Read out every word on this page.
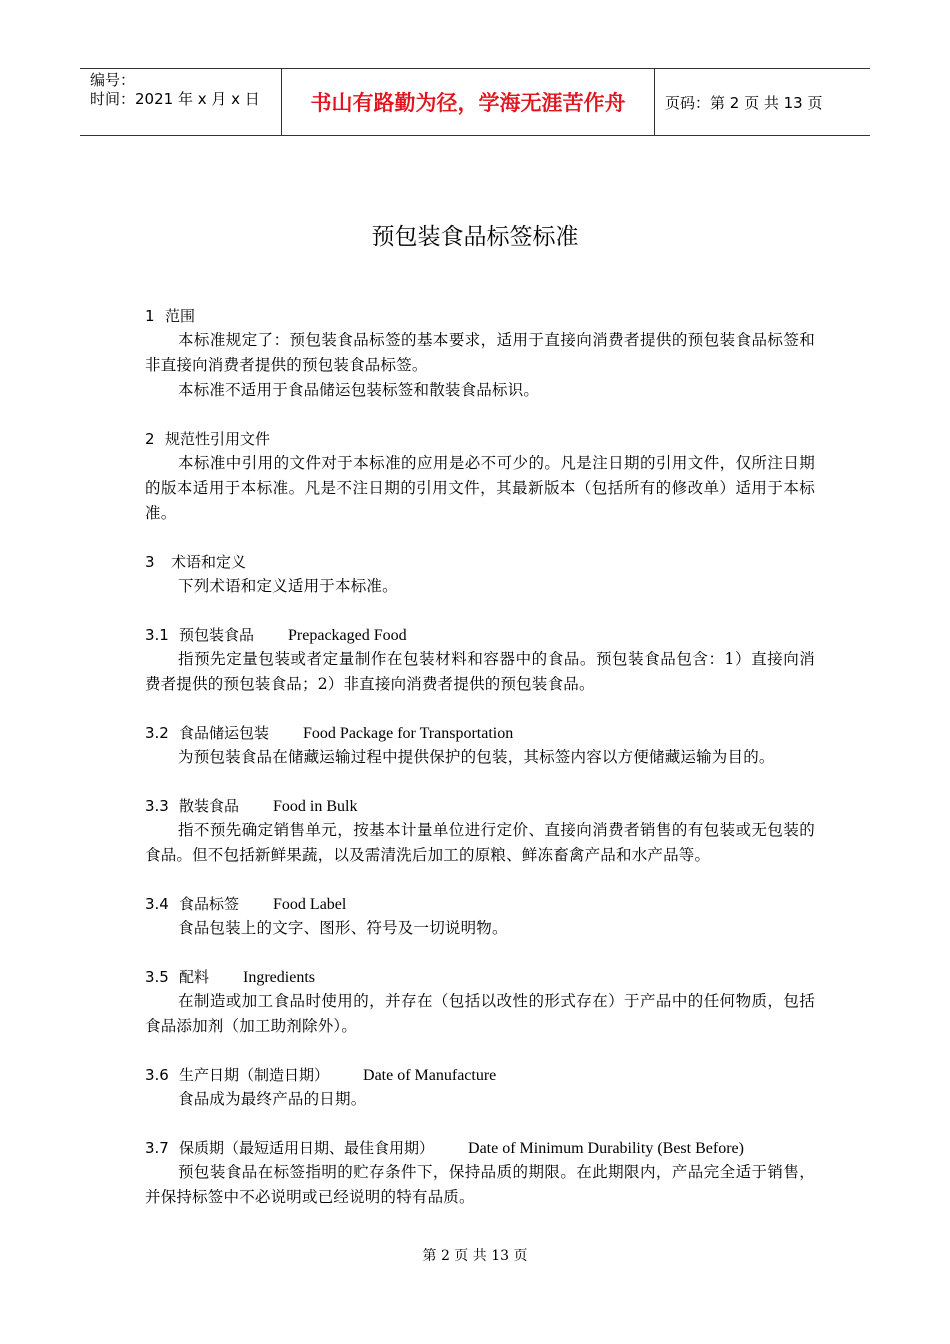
编号：
时间：2021 年 x 月 x 日	书山有路勤为径，学海无涯苦作舟	页码：第 2 页 共 13 页
预包装食品标签标准
1 范围
本标准规定了：预包装食品标签的基本要求，适用于直接向消费者提供的预包装食品标签和非直接向消费者提供的预包装食品标签。
本标准不适用于食品储运包装标签和散装食品标识。
2 规范性引用文件
本标准中引用的文件对于本标准的应用是必不可少的。凡是注日期的引用文件，仅所注日期的版本适用于本标准。凡是不注日期的引用文件，其最新版本（包括所有的修改单）适用于本标准。
3 术语和定义
下列术语和定义适用于本标准。
3.1 预包装食品 Prepackaged Food
指预先定量包装或者定量制作在包装材料和容器中的食品。预包装食品包含：1）直接向消费者提供的预包装食品；2）非直接向消费者提供的预包装食品。
3.2 食品储运包装 Food Package for Transportation
为预包装食品在储藏运输过程中提供保护的包装，其标签内容以方便储藏运输为目的。
3.3 散装食品 Food in Bulk
指不预先确定销售单元，按基本计量单位进行定价、直接向消费者销售的有包装或无包装的食品。但不包括新鲜果蔬，以及需清洗后加工的原粮、鲜冻畜禽产品和水产品等。
3.4 食品标签 Food Label
食品包装上的文字、图形、符号及一切说明物。
3.5 配料 Ingredients
在制造或加工食品时使用的，并存在（包括以改性的形式存在）于产品中的任何物质，包括食品添加剂（加工助剂除外）。
3.6 生产日期（制造日期） Date of Manufacture
食品成为最终产品的日期。
3.7 保质期（最短适用日期、最佳食用期） Date of Minimum Durability (Best Before)
预包装食品在标签指明的贮存条件下，保持品质的期限。在此期限内，产品完全适于销售，并保持标签中不必说明或已经说明的特有品质。
第 2 页 共 13 页
